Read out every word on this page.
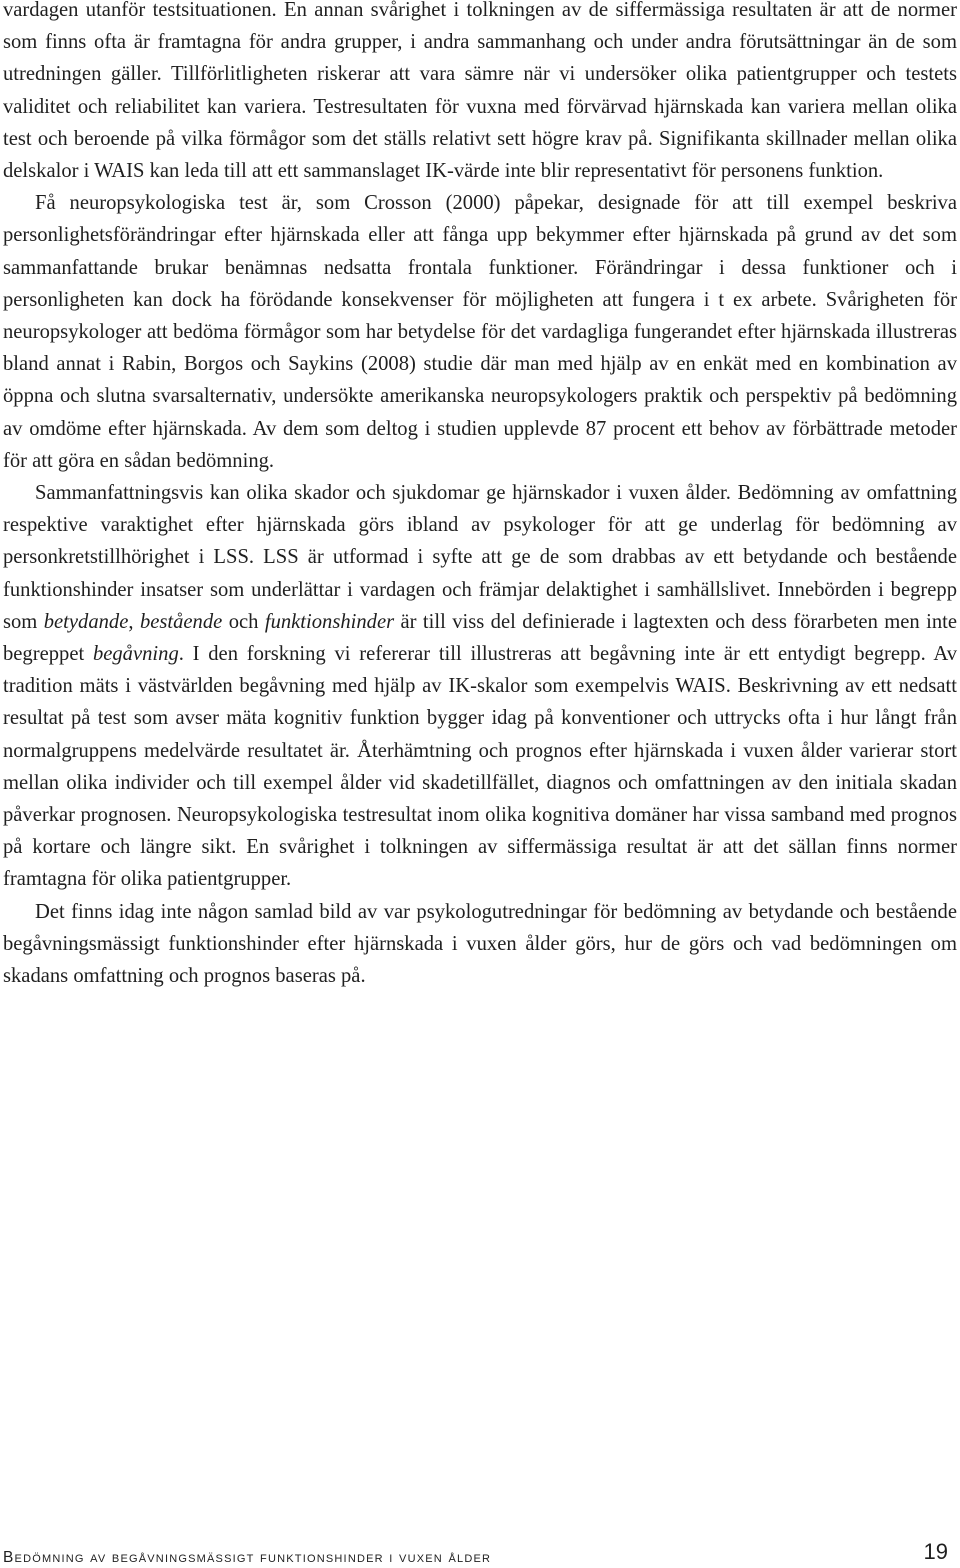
vardagen utanför testsituationen. En annan svårighet i tolkningen av de siffermässiga resultaten är att de normer som finns ofta är framtagna för andra grupper, i andra sammanhang och under andra förutsättningar än de som utredningen gäller. Tillförlitligheten riskerar att vara sämre när vi undersöker olika patientgrupper och testets validitet och reliabilitet kan variera. Testresultaten för vuxna med förvärvad hjärnskada kan variera mellan olika test och beroende på vilka förmågor som det ställs relativt sett högre krav på. Signifikanta skillnader mellan olika delskalor i WAIS kan leda till att ett sammanslaget IK-värde inte blir representativt för personens funktion.

Få neuropsykologiska test är, som Crosson (2000) påpekar, designade för att till exempel beskriva personlighetsförändringar efter hjärnskada eller att fånga upp bekymmer efter hjärnskada på grund av det som sammanfattande brukar benämnas nedsatta frontala funktioner. Förändringar i dessa funktioner och i personligheten kan dock ha förödande konsekvenser för möjligheten att fungera i t ex arbete. Svårigheten för neuropsykologer att bedöma förmågor som har betydelse för det vardagliga fungerandet efter hjärnskada illustreras bland annat i Rabin, Borgos och Saykins (2008) studie där man med hjälp av en enkät med en kombination av öppna och slutna svarsalternativ, undersökte amerikanska neuropsykologers praktik och perspektiv på bedömning av omdöme efter hjärnskada. Av dem som deltog i studien upplevde 87 procent ett behov av förbättrade metoder för att göra en sådan bedömning.

Sammanfattningsvis kan olika skador och sjukdomar ge hjärnskador i vuxen ålder. Bedömning av omfattning respektive varaktighet efter hjärnskada görs ibland av psykologer för att ge underlag för bedömning av personkretstillhörighet i LSS. LSS är utformad i syfte att ge de som drabbas av ett betydande och bestående funktionshinder insatser som underlättar i vardagen och främjar delaktighet i samhällslivet. Innebörden i begrepp som betydande, bestående och funktionshinder är till viss del definierade i lagtexten och dess förarbeten men inte begreppet begåvning. I den forskning vi refererar till illustreras att begåvning inte är ett entydigt begrepp. Av tradition mäts i västvärlden begåvning med hjälp av IK-skalor som exempelvis WAIS. Beskrivning av ett nedsatt resultat på test som avser mäta kognitiv funktion bygger idag på konventioner och uttrycks ofta i hur långt från normalgruppens medelvärde resultatet är. Återhämtning och prognos efter hjärnskada i vuxen ålder varierar stort mellan olika individer och till exempel ålder vid skadetillfället, diagnos och omfattningen av den initiala skadan påverkar prognosen. Neuropsykologiska testresultat inom olika kognitiva domäner har vissa samband med prognos på kortare och längre sikt. En svårighet i tolkningen av siffermässiga resultat är att det sällan finns normer framtagna för olika patientgrupper.

Det finns idag inte någon samlad bild av var psykologutredningar för bedömning av betydande och bestående begåvningsmässigt funktionshinder efter hjärnskada i vuxen ålder görs, hur de görs och vad bedömningen om skadans omfattning och prognos baseras på.

Bedömning av begåvningsmässigt funktionshinder i vuxen ålder	19
